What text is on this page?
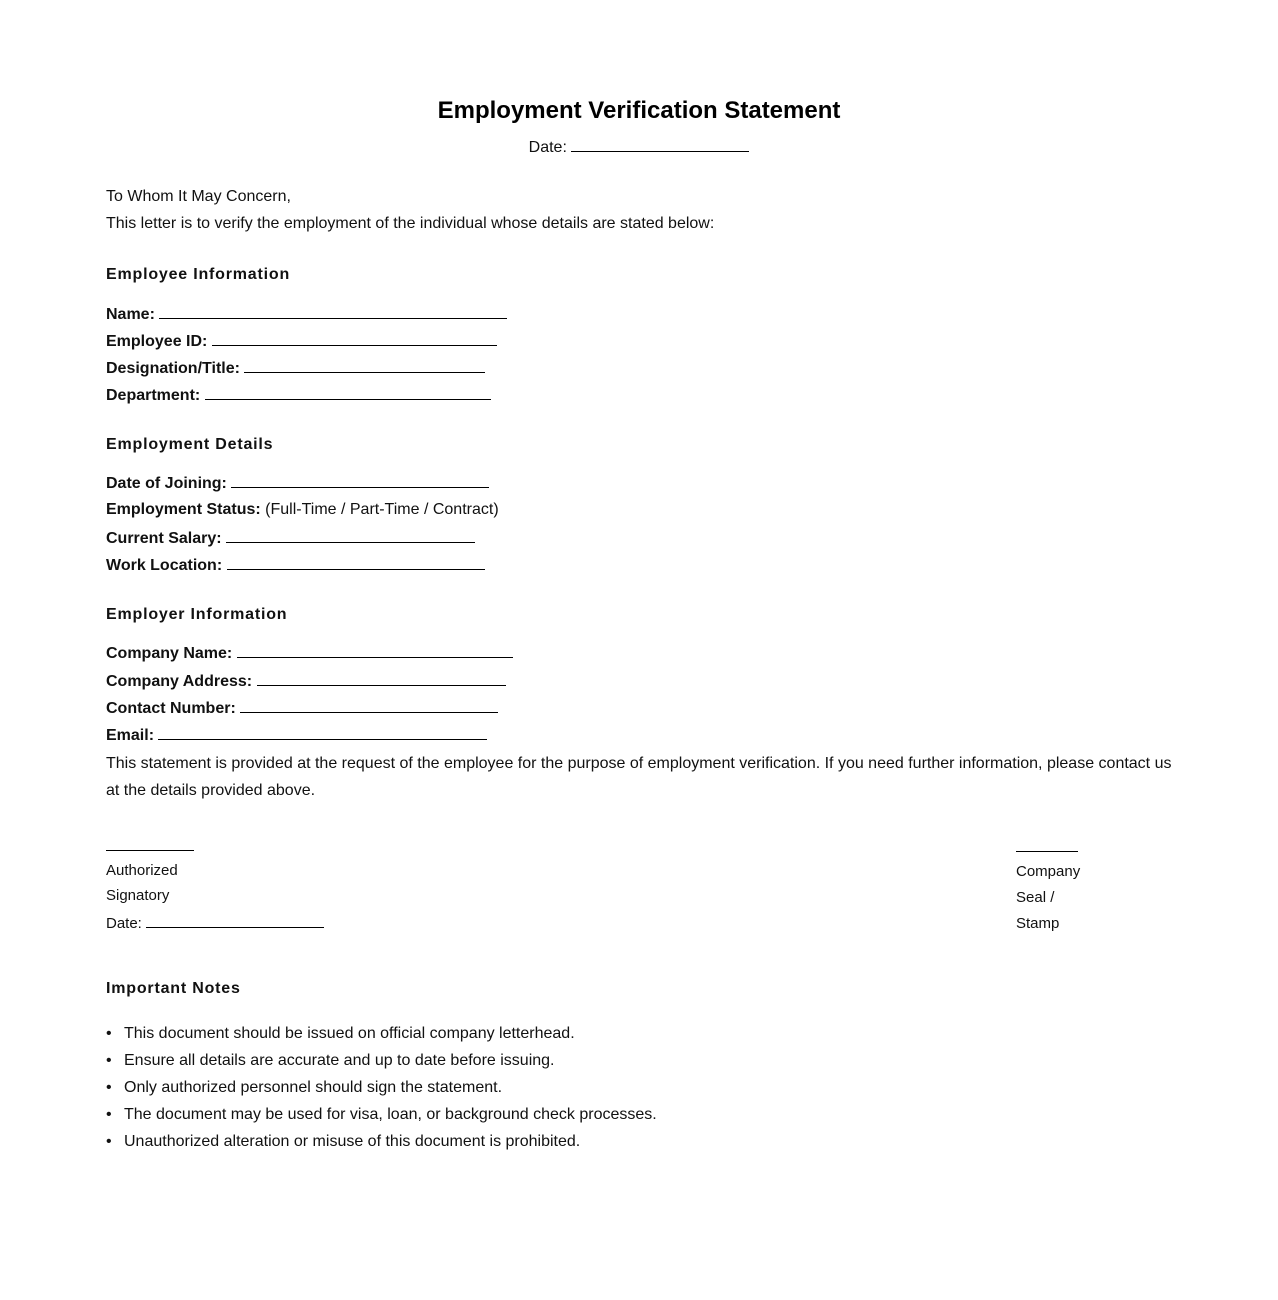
Employment Verification Statement
Date:
To Whom It May Concern,
This letter is to verify the employment of the individual whose details are stated below:
Employee Information
Name:
Employee ID:
Designation/Title:
Department:
Employment Details
Date of Joining:
Employment Status: (Full-Time / Part-Time / Contract)
Current Salary:
Work Location:
Employer Information
Company Name:
Company Address:
Contact Number:
Email:
This statement is provided at the request of the employee for the purpose of employment verification. If you need further information, please contact us at the details provided above.
Authorized
Signatory
Date:
Company
Seal /
Stamp
Important Notes
• This document should be issued on official company letterhead.
• Ensure all details are accurate and up to date before issuing.
• Only authorized personnel should sign the statement.
• The document may be used for visa, loan, or background check processes.
• Unauthorized alteration or misuse of this document is prohibited.
